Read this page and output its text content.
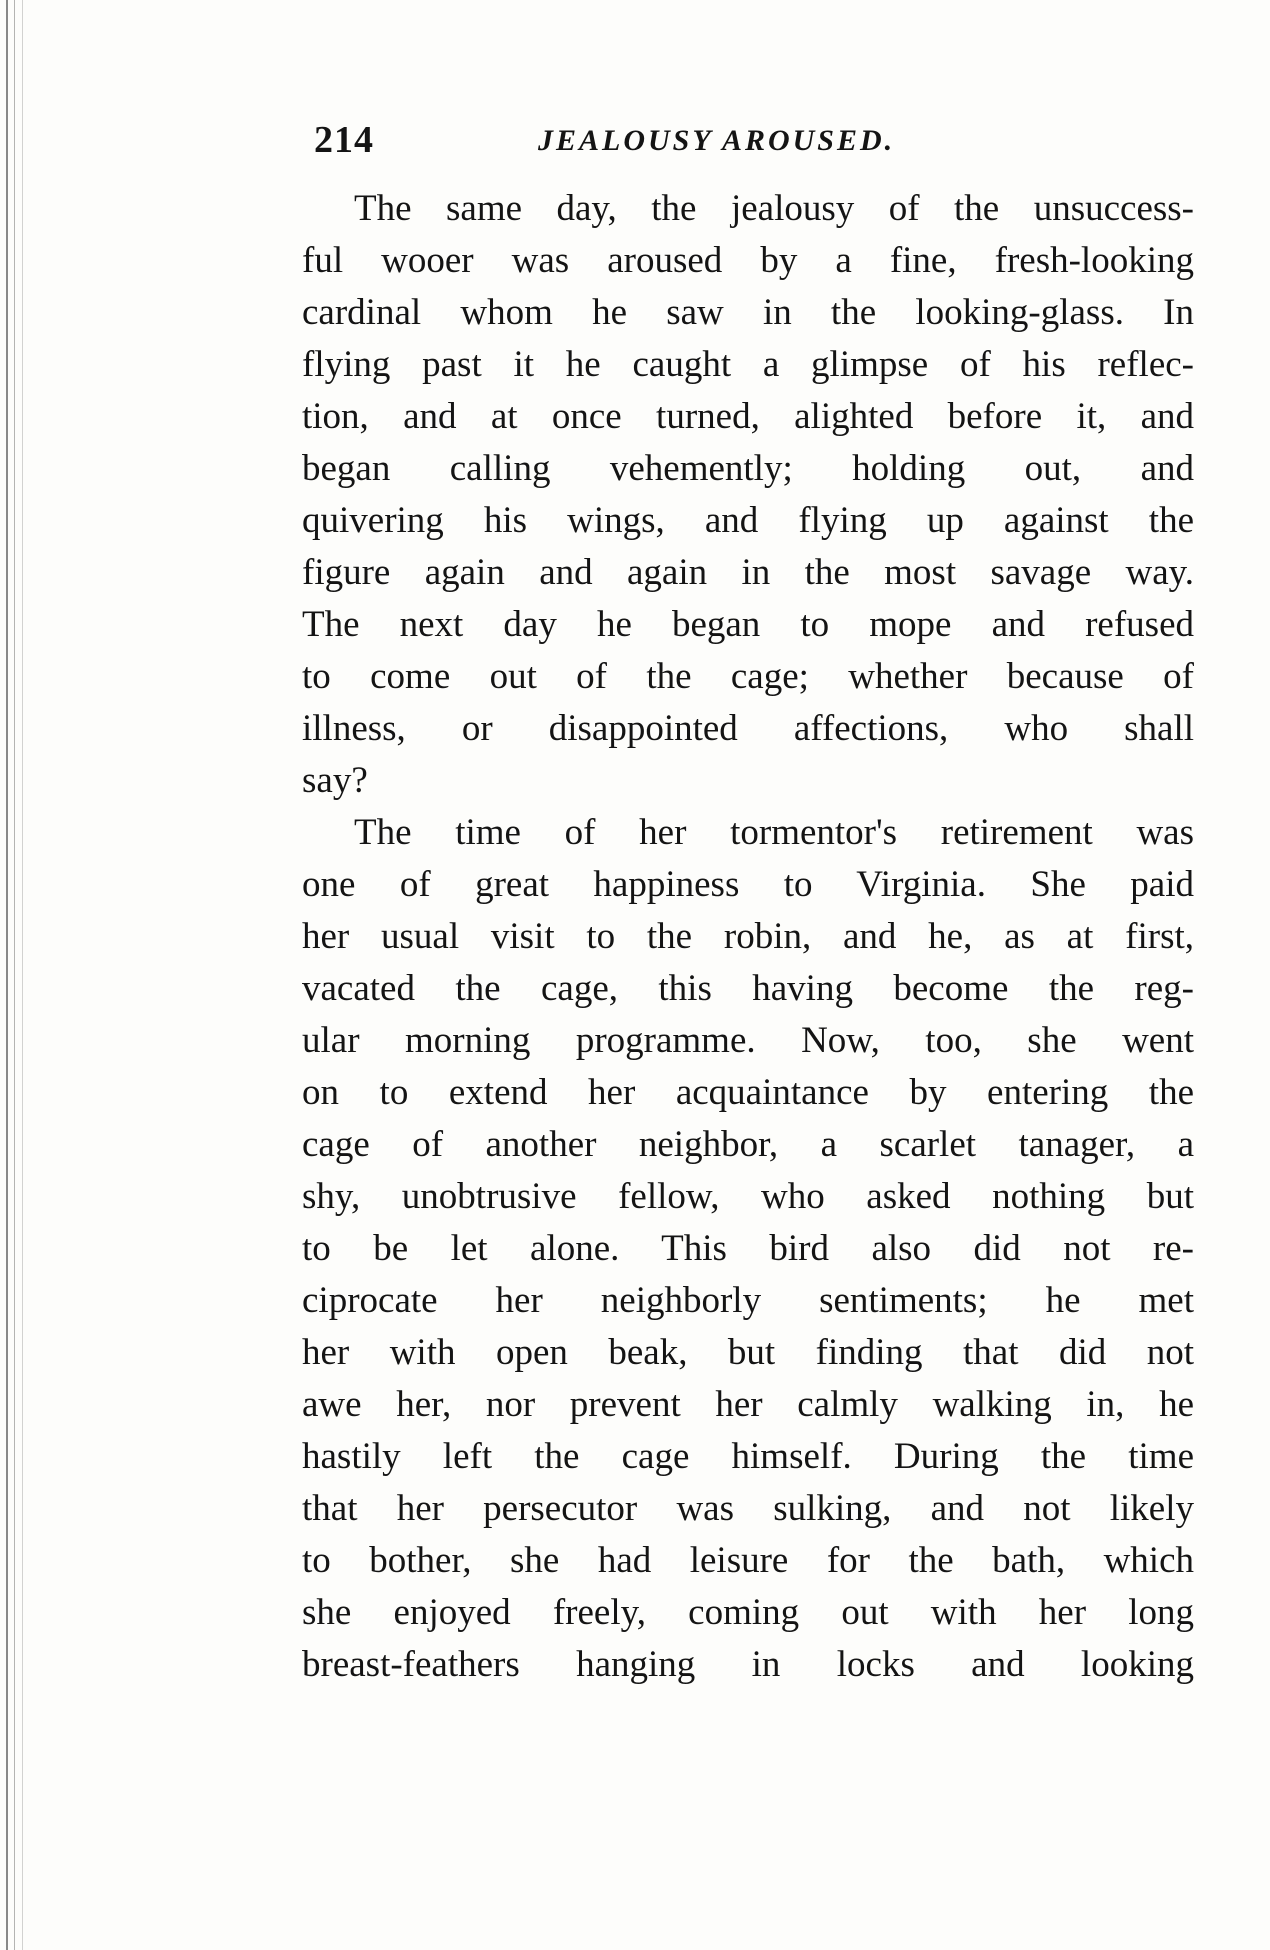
214	JEALOUSY AROUSED.
The same day, the jealousy of the unsuccess-
ful wooer was aroused by a fine, fresh-looking
cardinal whom he saw in the looking-glass. In
flying past it he caught a glimpse of his reflec-
tion, and at once turned, alighted before it, and
began calling vehemently; holding out, and
quivering his wings, and flying up against the
figure again and again in the most savage way.
The next day he began to mope and refused
to come out of the cage; whether because of
illness, or disappointed affections, who shall
say?
The time of her tormentor's retirement was
one of great happiness to Virginia. She paid
her usual visit to the robin, and he, as at first,
vacated the cage, this having become the reg-
ular morning programme. Now, too, she went
on to extend her acquaintance by entering the
cage of another neighbor, a scarlet tanager, a
shy, unobtrusive fellow, who asked nothing but
to be let alone. This bird also did not re-
ciprocate her neighborly sentiments; he met
her with open beak, but finding that did not
awe her, nor prevent her calmly walking in, he
hastily left the cage himself. During the time
that her persecutor was sulking, and not likely
to bother, she had leisure for the bath, which
she enjoyed freely, coming out with her long
breast-feathers hanging in locks and looking
